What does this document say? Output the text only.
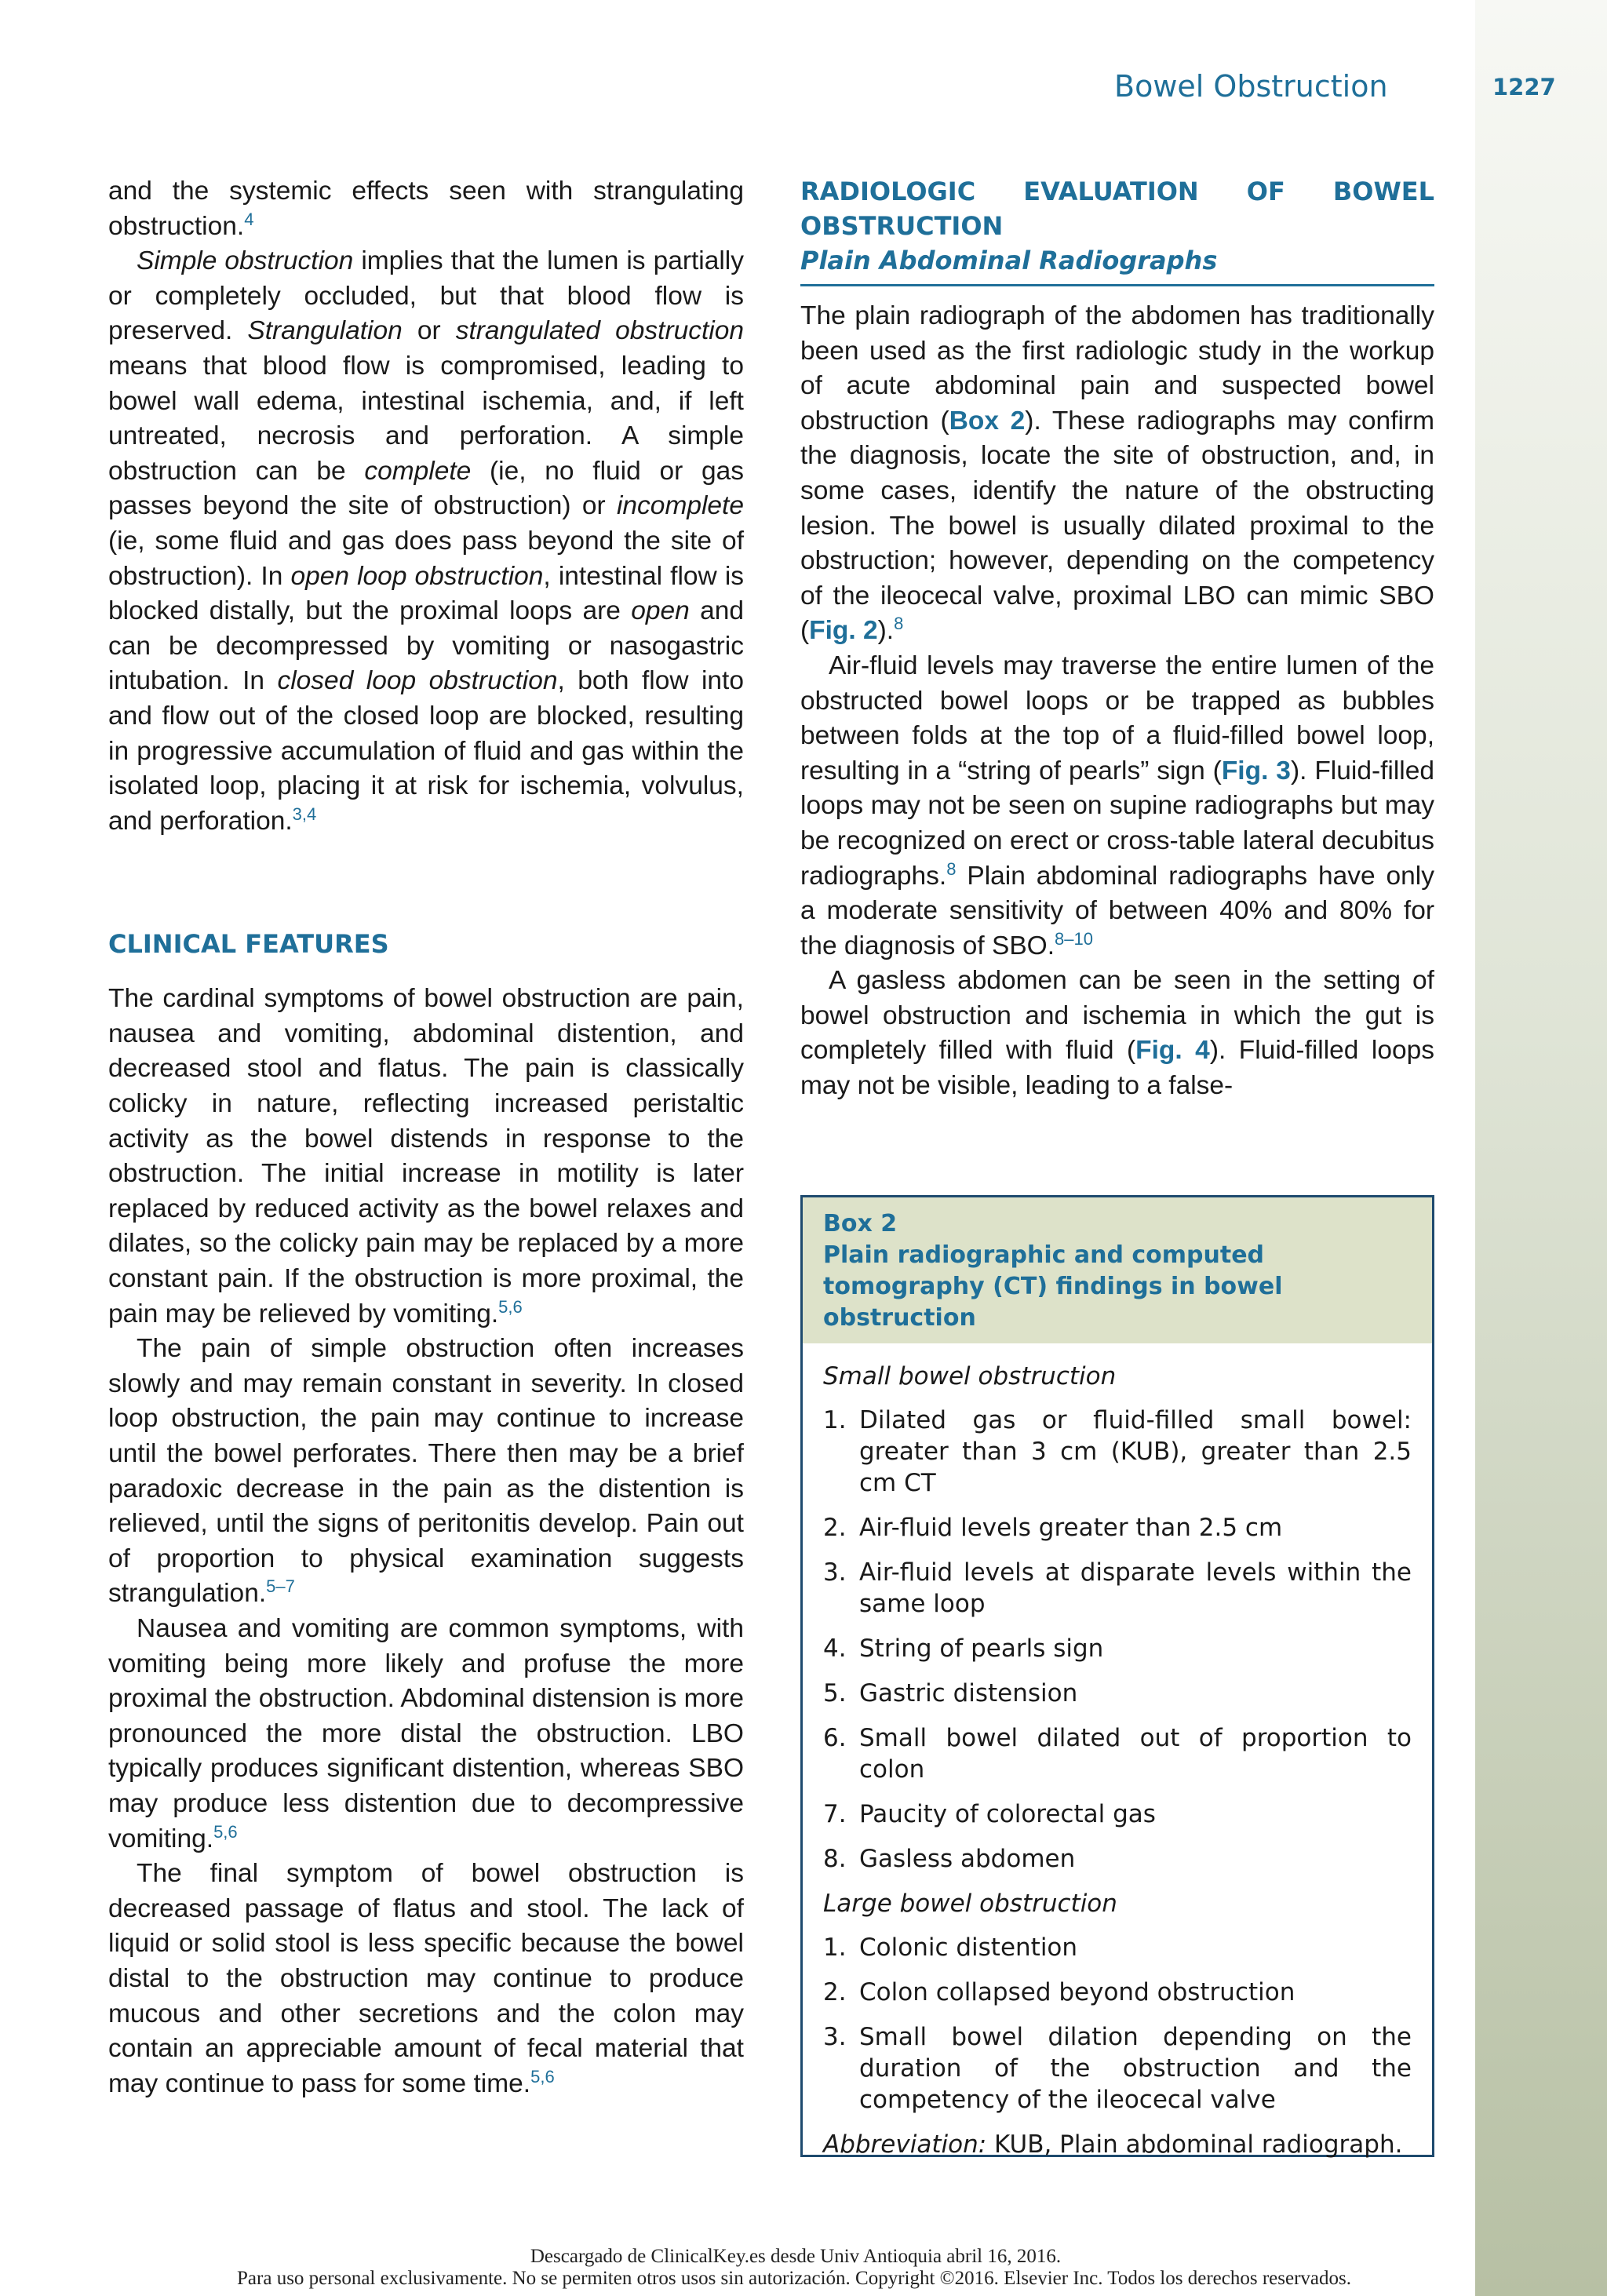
Bowel Obstruction	1227

and the systemic effects seen with strangulating obstruction.$^4$

Simple obstruction implies that the lumen is partially or completely occluded, but that blood flow is preserved. Strangulation or strangulated obstruction means that blood flow is compromised, leading to bowel wall edema, intestinal ischemia, and, if left untreated, necrosis and perforation. A simple obstruction can be complete (ie, no fluid or gas passes beyond the site of obstruction) or incomplete (ie, some fluid and gas does pass beyond the site of obstruction). In open loop obstruction, intestinal flow is blocked distally, but the proximal loops are open and can be decompressed by vomiting or nasogastric intubation. In closed loop obstruction, both flow into and flow out of the closed loop are blocked, resulting in progressive accumulation of fluid and gas within the isolated loop, placing it at risk for ischemia, volvulus, and perforation.$^{3,4}$

CLINICAL FEATURES

The cardinal symptoms of bowel obstruction are pain, nausea and vomiting, abdominal distention, and decreased stool and flatus. The pain is classically colicky in nature, reflecting increased peristaltic activity as the bowel distends in response to the obstruction. The initial increase in motility is later replaced by reduced activity as the bowel relaxes and dilates, so the colicky pain may be replaced by a more constant pain. If the obstruction is more proximal, the pain may be relieved by vomiting.$^{5,6}$

The pain of simple obstruction often increases slowly and may remain constant in severity. In closed loop obstruction, the pain may continue to increase until the bowel perforates. There then may be a brief paradoxic decrease in the pain as the distention is relieved, until the signs of peritonitis develop. Pain out of proportion to physical examination suggests strangulation.$^{5-7}$

Nausea and vomiting are common symptoms, with vomiting being more likely and profuse the more proximal the obstruction. Abdominal distension is more pronounced the more distal the obstruction. LBO typically produces significant distention, whereas SBO may produce less distention due to decompressive vomiting.$^{5,6}$

The final symptom of bowel obstruction is decreased passage of flatus and stool. The lack of liquid or solid stool is less specific because the bowel distal to the obstruction may continue to produce mucous and other secretions and the colon may contain an appreciable amount of fecal material that may continue to pass for some time.$^{5,6}$

RADIOLOGIC EVALUATION OF BOWEL OBSTRUCTION
Plain Abdominal Radiographs

The plain radiograph of the abdomen has traditionally been used as the first radiologic study in the workup of acute abdominal pain and suspected bowel obstruction (Box 2). These radiographs may confirm the diagnosis, locate the site of obstruction, and, in some cases, identify the nature of the obstructing lesion. The bowel is usually dilated proximal to the obstruction; however, depending on the competency of the ileocecal valve, proximal LBO can mimic SBO (Fig. 2).$^8$

Air-fluid levels may traverse the entire lumen of the obstructed bowel loops or be trapped as bubbles between folds at the top of a fluid-filled bowel loop, resulting in a “string of pearls” sign (Fig. 3). Fluid-filled loops may not be seen on supine radiographs but may be recognized on erect or cross-table lateral decubitus radiographs.$^8$ Plain abdominal radiographs have only a moderate sensitivity of between 40% and 80% for the diagnosis of SBO.$^{8-10}$

A gasless abdomen can be seen in the setting of bowel obstruction and ischemia in which the gut is completely filled with fluid (Fig. 4). Fluid-filled loops may not be visible, leading to a false-

Box 2
Plain radiographic and computed tomography (CT) findings in bowel obstruction
Small bowel obstruction
1. Dilated gas or fluid-filled small bowel: greater than 3 cm (KUB), greater than 2.5 cm CT
2. Air-fluid levels greater than 2.5 cm
3. Air-fluid levels at disparate levels within the same loop
4. String of pearls sign
5. Gastric distension
6. Small bowel dilated out of proportion to colon
7. Paucity of colorectal gas
8. Gasless abdomen
Large bowel obstruction
1. Colonic distention
2. Colon collapsed beyond obstruction
3. Small bowel dilation depending on the duration of the obstruction and the competency of the ileocecal valve
Abbreviation: KUB, Plain abdominal radiograph.
Descargado de ClinicalKey.es desde Univ Antioquia abril 16, 2016.
Para uso personal exclusivamente. No se permiten otros usos sin autorización. Copyright ©2016. Elsevier Inc. Todos los derechos reservados.
